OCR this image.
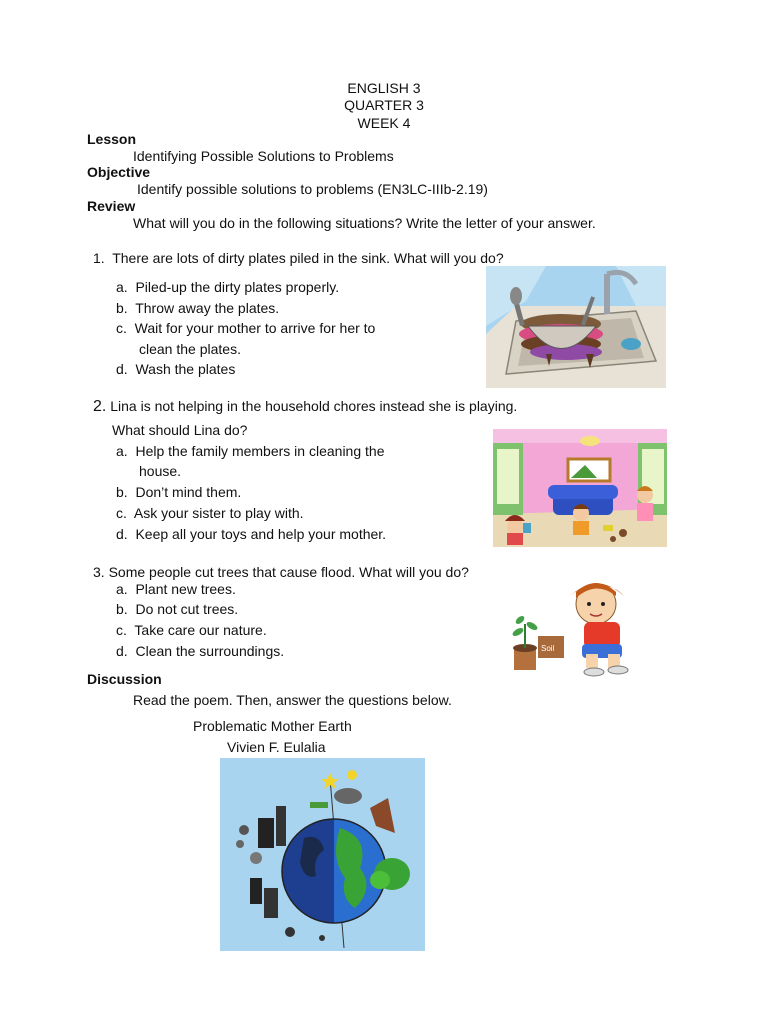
ENGLISH 3
QUARTER 3
WEEK 4
Lesson
Identifying Possible Solutions to Problems
Objective
Identify possible solutions to problems (EN3LC-IIIb-2.19)
Review
What will you do in the following situations? Write the letter of your answer.
1. There are lots of dirty plates piled in the sink. What will you do?
a. Piled-up the dirty plates properly.
b. Throw away the plates.
c. Wait for your mother to arrive for her to
clean the plates.
d. Wash the plates
2. Lina is not helping in the household chores instead she is playing.
What should Lina do?
a. Help the family members in cleaning the
house.
b. Don’t mind them.
c. Ask your sister to play with.
d. Keep all your toys and help your mother.
3. Some people cut trees that cause flood. What will you do?
a. Plant new trees.
b. Do not cut trees.
c. Take care our nature.
d. Clean the surroundings.	Soil
Discussion
Read the poem. Then, answer the questions below.
Problematic Mother Earth
Vivien F. Eulalia
